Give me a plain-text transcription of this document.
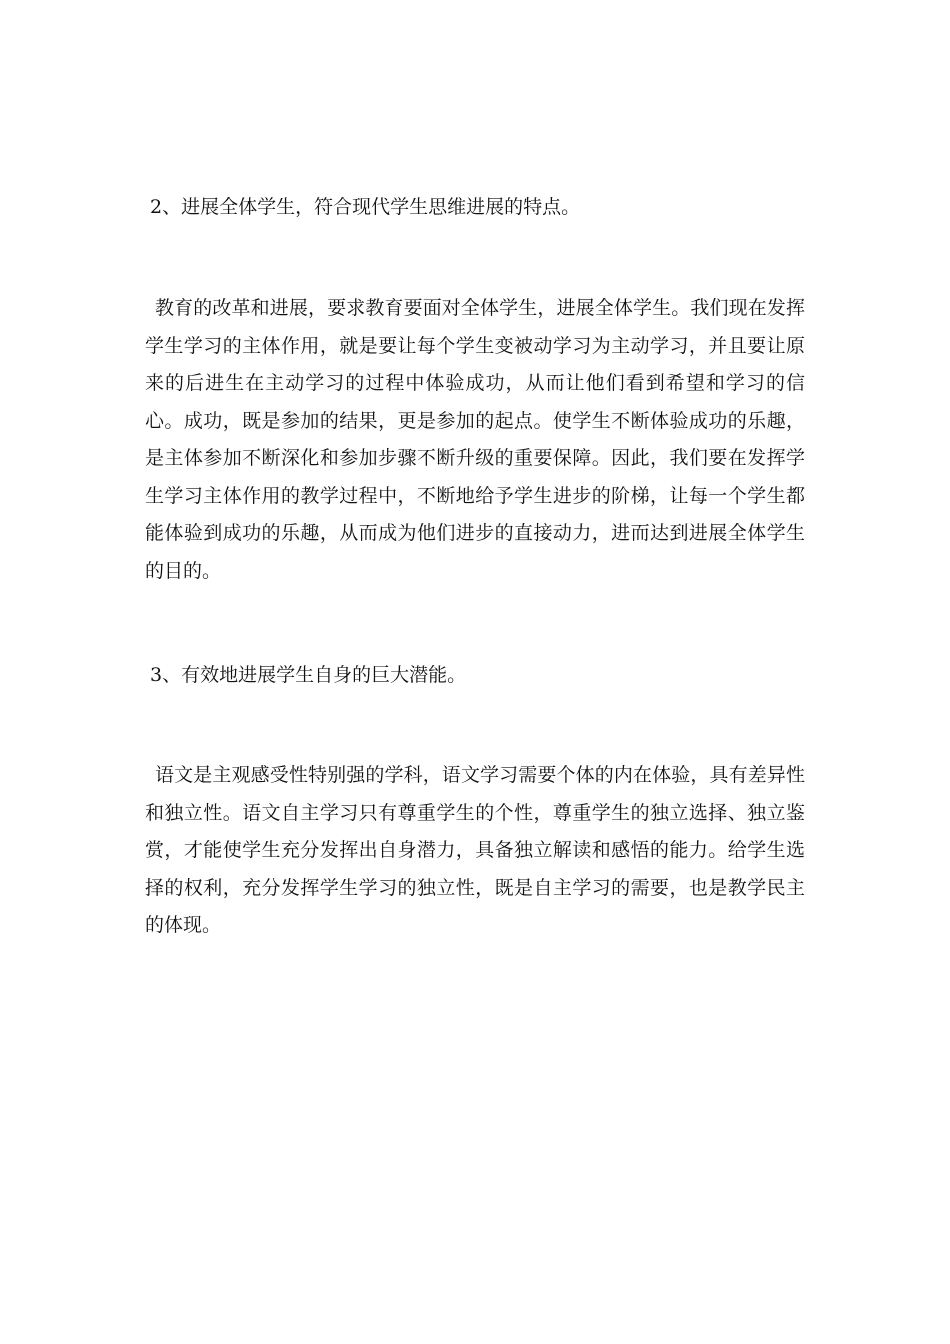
2、进展全体学生，符合现代学生思维进展的特点。
教育的改革和进展，要求教育要面对全体学生，进展全体学生。我们现在发挥学生学习的主体作用，就是要让每个学生变被动学习为主动学习，并且要让原来的后进生在主动学习的过程中体验成功，从而让他们看到希望和学习的信心。成功，既是参加的结果，更是参加的起点。使学生不断体验成功的乐趣，是主体参加不断深化和参加步骤不断升级的重要保障。因此，我们要在发挥学生学习主体作用的教学过程中，不断地给予学生进步的阶梯，让每一个学生都能体验到成功的乐趣，从而成为他们进步的直接动力，进而达到进展全体学生的目的。
3、有效地进展学生自身的巨大潜能。
语文是主观感受性特别强的学科，语文学习需要个体的内在体验，具有差异性和独立性。语文自主学习只有尊重学生的个性，尊重学生的独立选择、独立鉴赏，才能使学生充分发挥出自身潜力，具备独立解读和感悟的能力。给学生选择的权利，充分发挥学生学习的独立性，既是自主学习的需要，也是教学民主的体现。
